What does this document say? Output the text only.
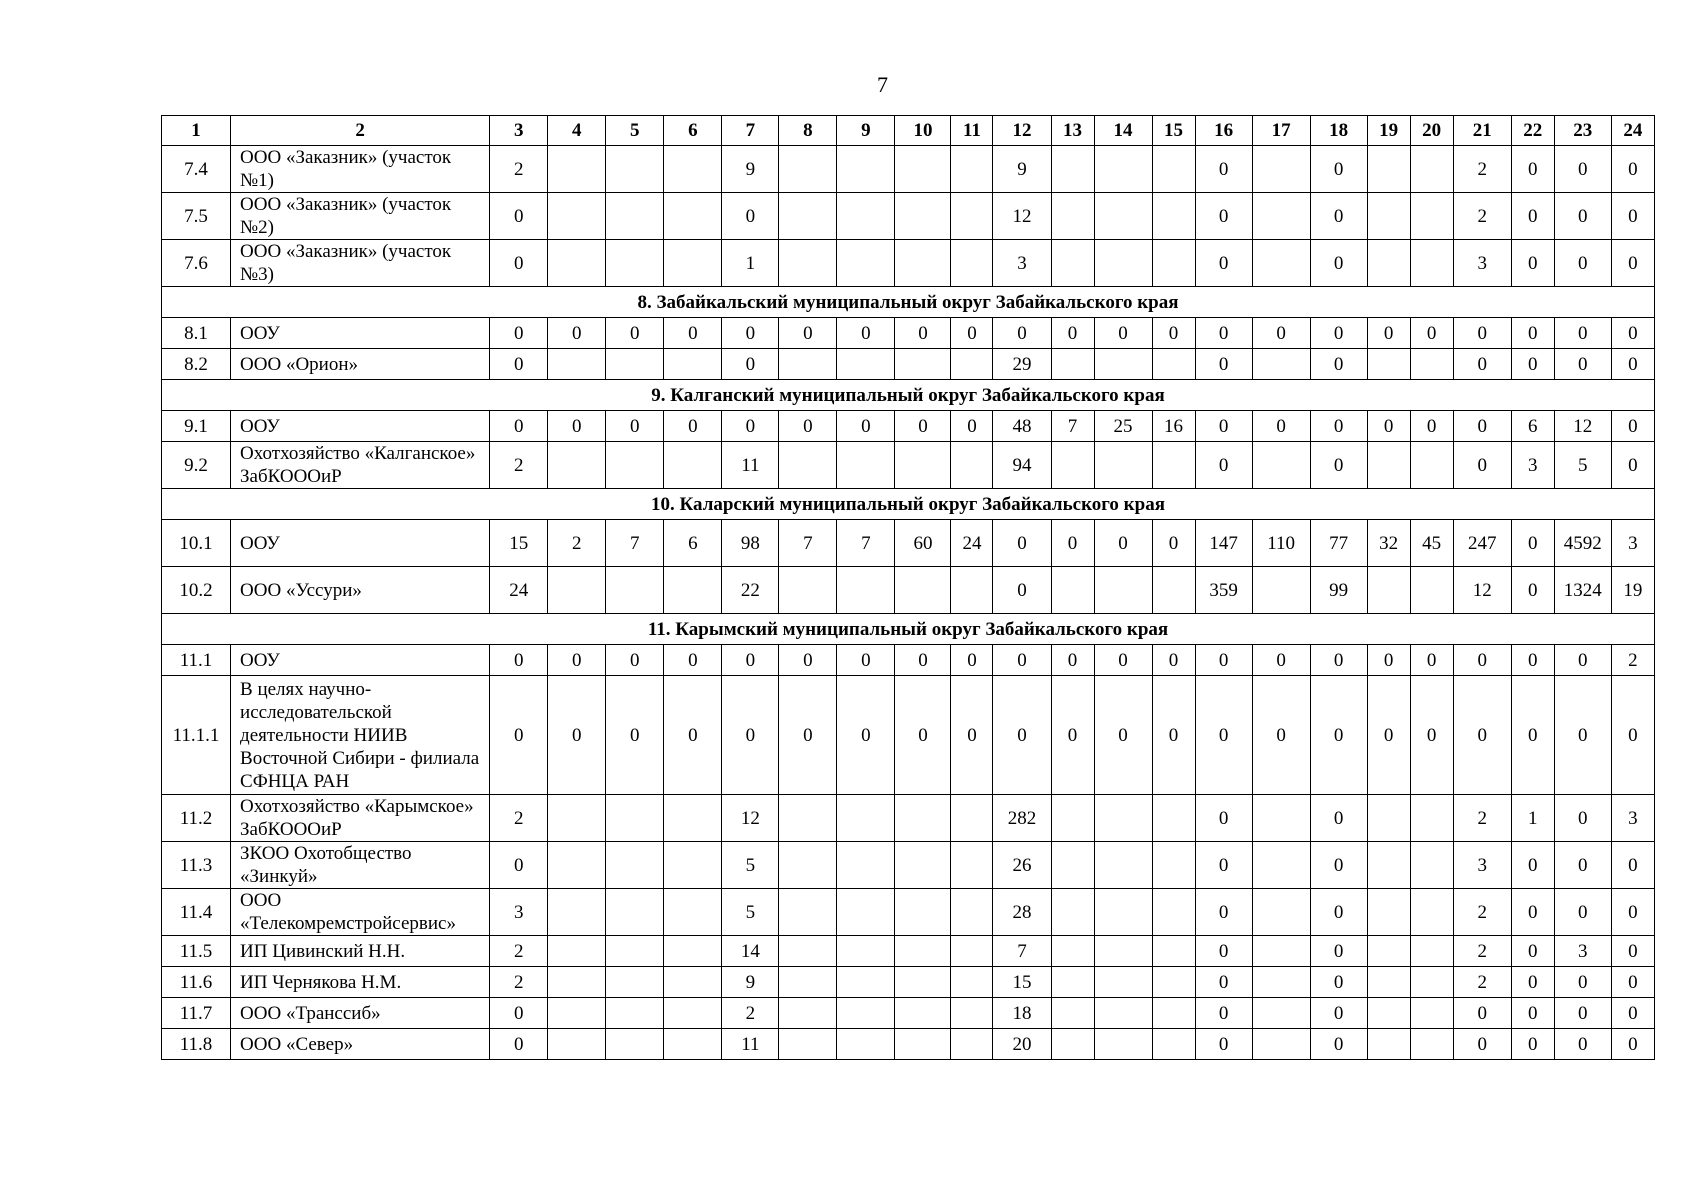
7
1	2	3	4	5	6	7	8	9	10	11	12	13	14	15	16	17	18	19	20	21	22	23	24
7.4	ООО «Заказник» (участок №1)	2				9					9				0		0			2	0	0	0
7.5	ООО «Заказник» (участок №2)	0				0					12				0		0			2	0	0	0
7.6	ООО «Заказник» (участок №3)	0				1					3				0		0			3	0	0	0
8. Забайкальский муниципальный округ Забайкальского края																							
8.1	ООУ	0	0	0	0	0	0	0	0	0	0	0	0	0	0	0	0	0	0	0	0	0	0
8.2	ООО «Орион»	0				0					29				0		0			0	0	0	0
9. Калганский муниципальный округ Забайкальского края																							
9.1	ООУ	0	0	0	0	0	0	0	0	0	48	7	25	16	0	0	0	0	0	0	6	12	0
9.2	Охотхозяйство «Калганское» ЗабКОООиР	2				11					94				0		0			0	3	5	0
10. Каларский муниципальный округ Забайкальского края																							
10.1	ООУ	15	2	7	6	98	7	7	60	24	0	0	0	0	147	110	77	32	45	247	0	4592	3
10.2	ООО «Уссури»	24				22					0				359		99			12	0	1324	19
11. Карымский муниципальный округ Забайкальского края																							
11.1	ООУ	0	0	0	0	0	0	0	0	0	0	0	0	0	0	0	0	0	0	0	0	0	2
11.1.1	В целях научно-исследовательской деятельности НИИВ Восточной Сибири - филиала СФНЦА РАН	0	0	0	0	0	0	0	0	0	0	0	0	0	0	0	0	0	0	0	0	0	0
11.2	Охотхозяйство «Карымское» ЗабКОООиР	2				12					282				0		0			2	1	0	3
11.3	ЗКОО Охотобщество «Зинкуй»	0				5					26				0		0			3	0	0	0
11.4	ООО «Телекомремстройсервис»	3				5					28				0		0			2	0	0	0
11.5	ИП Цивинский Н.Н.	2				14					7				0		0			2	0	3	0
11.6	ИП Чернякова Н.М.	2				9					15				0		0			2	0	0	0
11.7	ООО «Транссиб»	0				2					18				0		0			0	0	0	0
11.8	ООО «Север»	0				11					20				0		0			0	0	0	0
